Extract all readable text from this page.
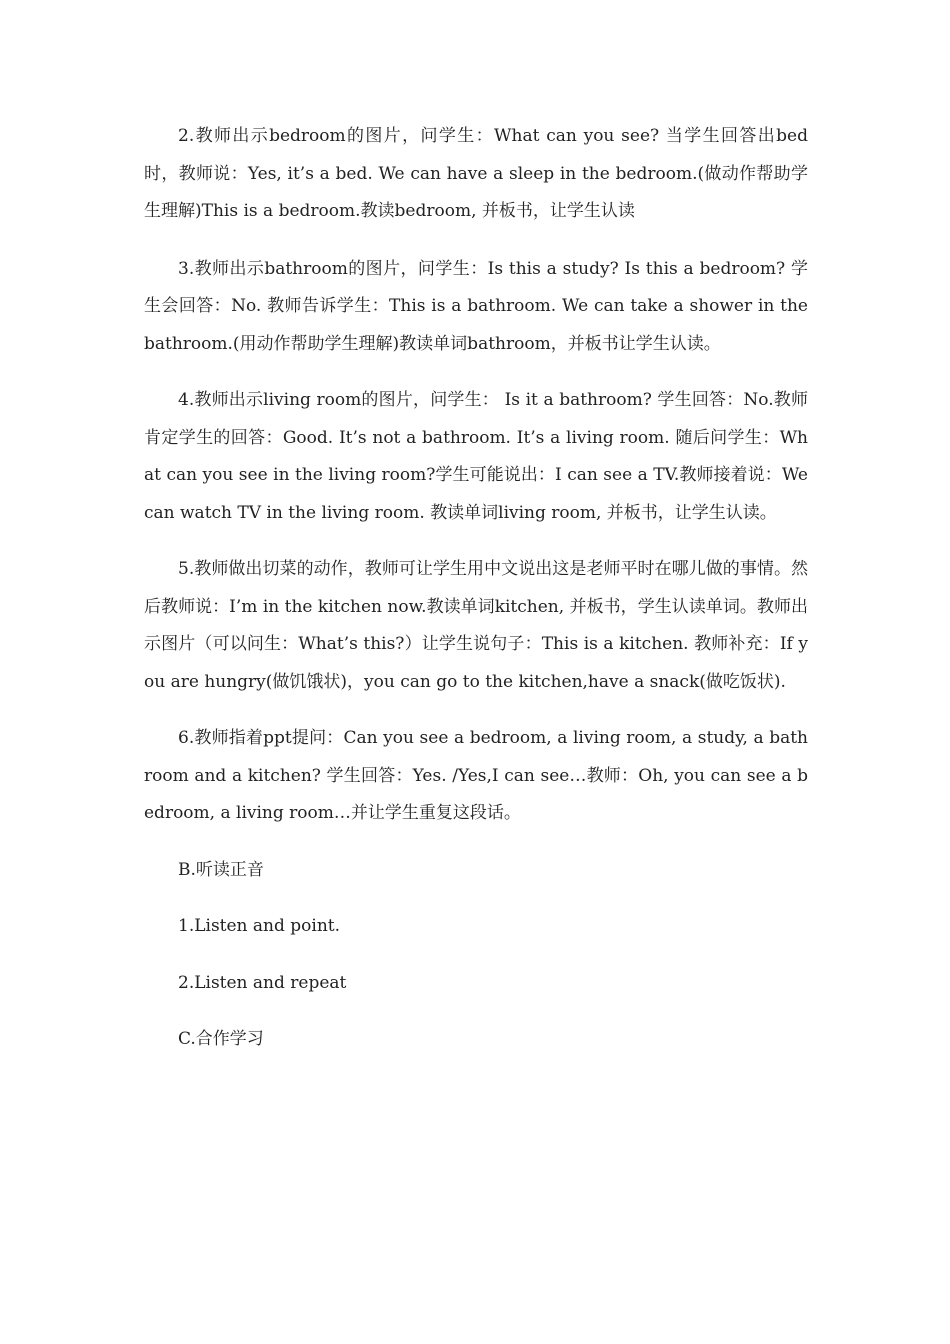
2.教师出示bedroom的图片，问学生：What can you see? 当学生回答出bed时，教师说：Yes, it’s a bed. We can have a sleep in the bedroom.(做动作帮助学生理解)This is a bedroom.教读bedroom, 并板书，让学生认读

3.教师出示bathroom的图片，问学生：Is this a study? Is this a bedroom? 学生会回答：No. 教师告诉学生：This is a bathroom. We can take a shower in the bathroom.(用动作帮助学生理解)教读单词bathroom，并板书让学生认读。

4.教师出示living room的图片，问学生： Is it a bathroom? 学生回答：No.教师肯定学生的回答：Good. It’s not a bathroom. It’s a living room. 随后问学生：What can you see in the living room?学生可能说出：I can see a TV.教师接着说：We can watch TV in the living room. 教读单词living room, 并板书，让学生认读。

5.教师做出切菜的动作，教师可让学生用中文说出这是老师平时在哪儿做的事情。然后教师说：I’m in the kitchen now.教读单词kitchen, 并板书，学生认读单词。教师出示图片（可以问生：What’s this?）让学生说句子：This is a kitchen. 教师补充：If you are hungry(做饥饿状)，you can go to the kitchen,have a snack(做吃饭状).

6.教师指着ppt提问：Can you see a bedroom, a living room, a study, a bathroom and a kitchen? 学生回答：Yes. /Yes,I can see…教师：Oh, you can see a bedroom, a living room…并让学生重复这段话。

B.听读正音

1.Listen and point.

2.Listen and repeat

C.合作学习
